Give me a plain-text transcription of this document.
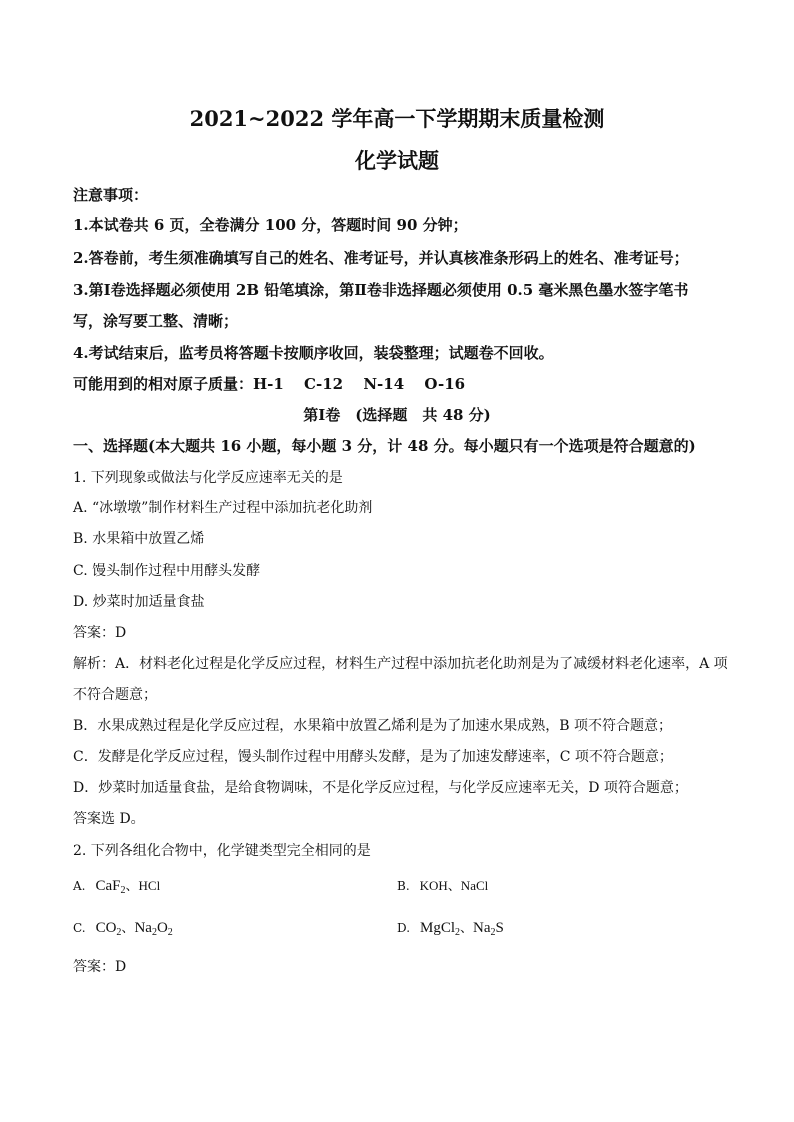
2021~2022 学年高一下学期期末质量检测
化学试题
注意事项：
1.本试卷共 6 页，全卷满分 100 分，答题时间 90 分钟；
2.答卷前，考生须准确填写自己的姓名、准考证号，并认真核准条形码上的姓名、准考证号；
3.第Ⅰ卷选择题必须使用 2B 铅笔填涂，第Ⅱ卷非选择题必须使用 0.5 毫米黑色墨水签字笔书
写，涂写要工整、清晰；
4.考试结束后，监考员将答题卡按顺序收回，装袋整理；试题卷不回收。
可能用到的相对原子质量：H-1　 C-12　 N-14　 O-16
第Ⅰ卷　(选择题　共 48 分)
一、选择题(本大题共 16 小题，每小题 3 分，计 48 分。每小题只有一个选项是符合题意的)
1. 下列现象或做法与化学反应速率无关的是
A. “冰墩墩”制作材料生产过程中添加抗老化助剂
B. 水果箱中放置乙烯
C. 馒头制作过程中用酵头发酵
D. 炒菜时加适量食盐
答案：D
解析：A．材料老化过程是化学反应过程，材料生产过程中添加抗老化助剂是为了减缓材料老化速率，A 项
不符合题意；
B．水果成熟过程是化学反应过程，水果箱中放置乙烯利是为了加速水果成熟，B 项不符合题意；
C．发酵是化学反应过程，馒头制作过程中用酵头发酵，是为了加速发酵速率，C 项不符合题意；
D．炒菜时加适量食盐，是给食物调味，不是化学反应过程，与化学反应速率无关，D 项符合题意；
答案选 D。
2. 下列各组化合物中，化学键类型完全相同的是
A. CaF$_2$、HCl	B. KOH、NaCl
C. $CO_2$、$Na_2O_2$	D. MgCl$_2$、$Na_2S$
答案：D
